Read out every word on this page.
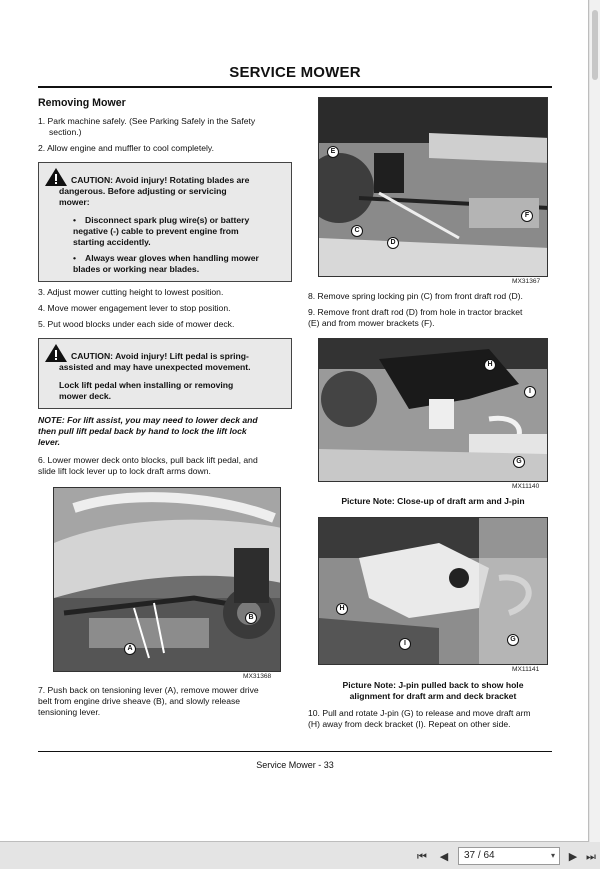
SERVICE MOWER
Removing Mower
1. Park machine safely. (See Parking Safely in the Safety
section.)
2. Allow engine and muffler to cool completely.
CAUTION: Avoid injury! Rotating blades are
dangerous. Before adjusting or servicing
mower:
• Disconnect spark plug wire(s) or battery
negative (-) cable to prevent engine from
starting accidently.
• Always wear gloves when handling mower
blades or working near blades.
3. Adjust mower cutting height to lowest position.
4. Move mower engagement lever to stop position.
5. Put wood blocks under each side of mower deck.
CAUTION: Avoid injury! Lift pedal is spring-
assisted and may have unexpected movement.
Lock lift pedal when installing or removing
mower deck.
NOTE: For lift assist, you may need to lower deck and
then pull lift pedal back by hand to lock the lift lock
lever.
6. Lower mower deck onto blocks, pull back lift pedal, and
slide lift lock lever up to lock draft arms down.
A
B
MX31368
7. Push back on tensioning lever (A), remove mower drive
belt from engine drive sheave (B), and slowly release
tensioning lever.
E
C
D
F
MX31367
8. Remove spring locking pin (C) from front draft rod (D).
9. Remove front draft rod (D) from hole in tractor bracket
(E) and from mower brackets (F).
H
I
G
MX11140
Picture Note: Close-up of draft arm and J-pin
H
I
G
MX11141
Picture Note: J-pin pulled back to show hole
alignment for draft arm and deck bracket
10. Pull and rotate J-pin (G) to release and move draft arm
(H) away from deck bracket (I). Repeat on other side.
Service Mower - 33
⏮	◀	37 / 64	▾	▶ ⏭
